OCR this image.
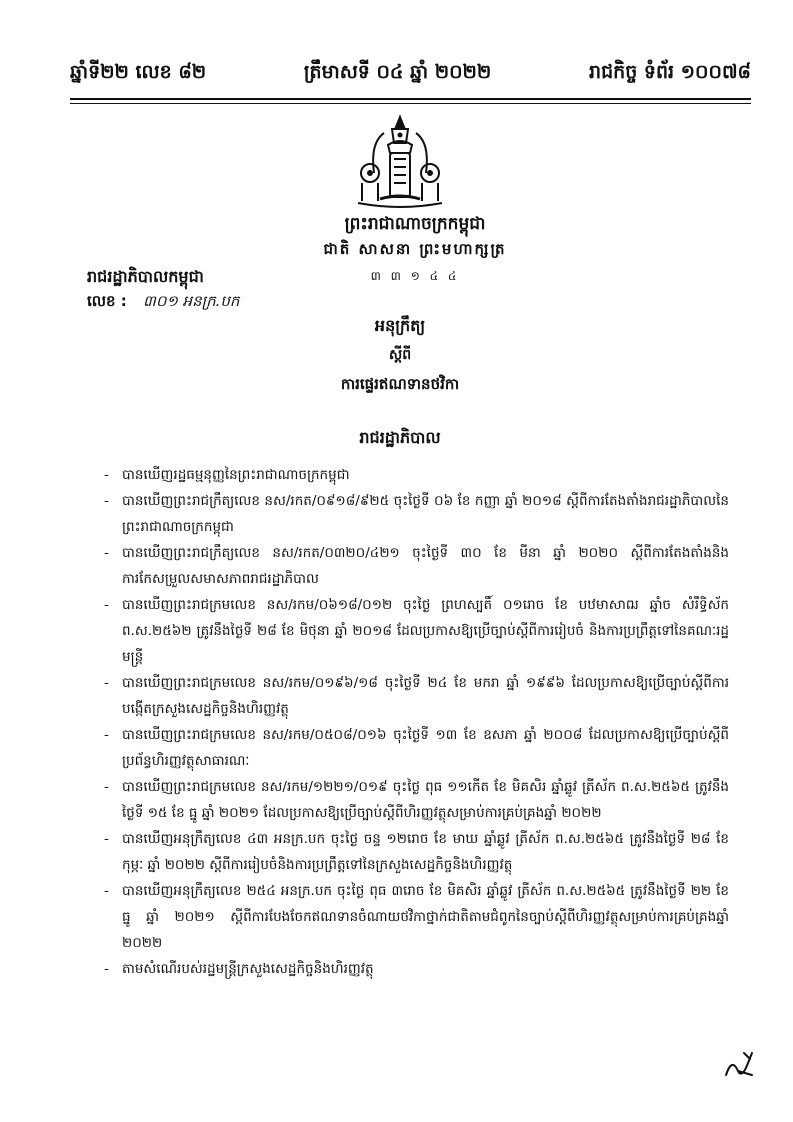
ឆ្នាំទី២២ លេខ ៨២	ត្រឹមាសទី ០៤ ឆ្នាំ ២០២២	រាជកិច្ច ទំព័រ ១០០៧៨
ព្រះរាជាណាចក្រកម្ពុជា
ជាតិ សាសនា ព្រះមហាក្សត្រ
៣ ៣ ១ ៤ ៤
រាជរដ្ឋាភិបាលកម្ពុជា
លេខ : ៣០១ អនក្រ.បក
អនុក្រឹត្យ
ស្ដីពី
ការផ្ទេរឥណទានថវិកា
រាជរដ្ឋាភិបាល
- បានឃើញរដ្ឋធម្មនុញ្ញនៃព្រះរាជាណាចក្រកម្ពុជា
- បានឃើញព្រះរាជក្រឹត្យលេខ នស/រកត/០៩១៨/៩២៥ ចុះថ្ងៃទី ០៦ ខែ កញ្ញា ឆ្នាំ ២០១៨ ស្តីពីការតែងតាំងរាជរដ្ឋាភិបាលនៃព្រះរាជាណាចក្រកម្ពុជា
- បានឃើញព្រះរាជក្រឹត្យលេខ នស/រកត/០៣២០/៤២១ ចុះថ្ងៃទី ៣០ ខែ មីនា ឆ្នាំ ២០២០ ស្តីពីការតែងតាំងនិងការកែសម្រួលសមាសភាពរាជរដ្ឋាភិបាល
- បានឃើញព្រះរាជក្រមលេខ នស/រកម/០៦១៨/០១២ ចុះថ្ងៃ ព្រហស្បតិ៍ ០១រោច ខែ បឋមាសាឍ ឆ្នាំច សំរឹទ្ធិស័ក ព.ស.២៥៦២ ត្រូវនឹងថ្ងៃទី ២៨ ខែ មិថុនា ឆ្នាំ ២០១៨ ដែលប្រកាសឱ្យប្រើច្បាប់ស្តីពីការរៀបចំ និងការប្រព្រឹត្តទៅនៃគណៈរដ្ឋមន្ត្រី
- បានឃើញព្រះរាជក្រមលេខ នស/រកម/០១៩៦/១៨ ចុះថ្ងៃទី ២៤ ខែ មករា ឆ្នាំ ១៩៩៦ ដែលប្រកាសឱ្យប្រើច្បាប់ស្តីពីការបង្កើតក្រសួងសេដ្ឋកិច្ចនិងហិរញ្ញវត្ថុ
- បានឃើញព្រះរាជក្រមលេខ នស/រកម/០៥០៨/០១៦ ចុះថ្ងៃទី ១៣ ខែ ឧសភា ឆ្នាំ ២០០៨ ដែលប្រកាសឱ្យប្រើច្បាប់ស្តីពីប្រព័ន្ធហិរញ្ញវត្ថុសាធារណៈ
- បានឃើញព្រះរាជក្រមលេខ នស/រកម/១២២១/០១៩ ចុះថ្ងៃ ពុធ ១១កើត ខែ មិគសិរ ឆ្នាំឆ្លូវ ត្រីស័ក ព.ស.២៥៦៥ ត្រូវនឹងថ្ងៃទី ១៥ ខែ ធ្នូ ឆ្នាំ ២០២១ ដែលប្រកាសឱ្យប្រើច្បាប់ស្តីពីហិរញ្ញវត្ថុសម្រាប់ការគ្រប់គ្រងឆ្នាំ ២០២២
- បានឃើញអនុក្រឹត្យលេខ ៤៣ អនក្រ.បក ចុះថ្ងៃ ចន្ទ ១២រោច ខែ មាឃ ឆ្នាំឆ្លូវ ត្រីស័ក ព.ស.២៥៦៥ ត្រូវនឹងថ្ងៃទី ២៨ ខែ កុម្ភៈ ឆ្នាំ ២០២២ ស្តីពីការរៀបចំនិងការប្រព្រឹត្តទៅនៃក្រសួងសេដ្ឋកិច្ចនិងហិរញ្ញវត្ថុ
- បានឃើញអនុក្រឹត្យលេខ ២៥៤ អនក្រ.បក ចុះថ្ងៃ ពុធ ៣រោច ខែ មិគសិរ ឆ្នាំឆ្លូវ ត្រីស័ក ព.ស.២៥៦៥ ត្រូវនឹងថ្ងៃទី ២២ ខែ ធ្នូ ឆ្នាំ ២០២១ ស្តីពីការបែងចែកឥណទានចំណាយថវិកាថ្នាក់ជាតិតាមជំពូកនៃច្បាប់ស្តីពីហិរញ្ញវត្ថុសម្រាប់ការគ្រប់គ្រងឆ្នាំ ២០២២
- តាមសំណើរបស់រដ្ឋមន្ត្រីក្រសួងសេដ្ឋកិច្ចនិងហិរញ្ញវត្ថុ
